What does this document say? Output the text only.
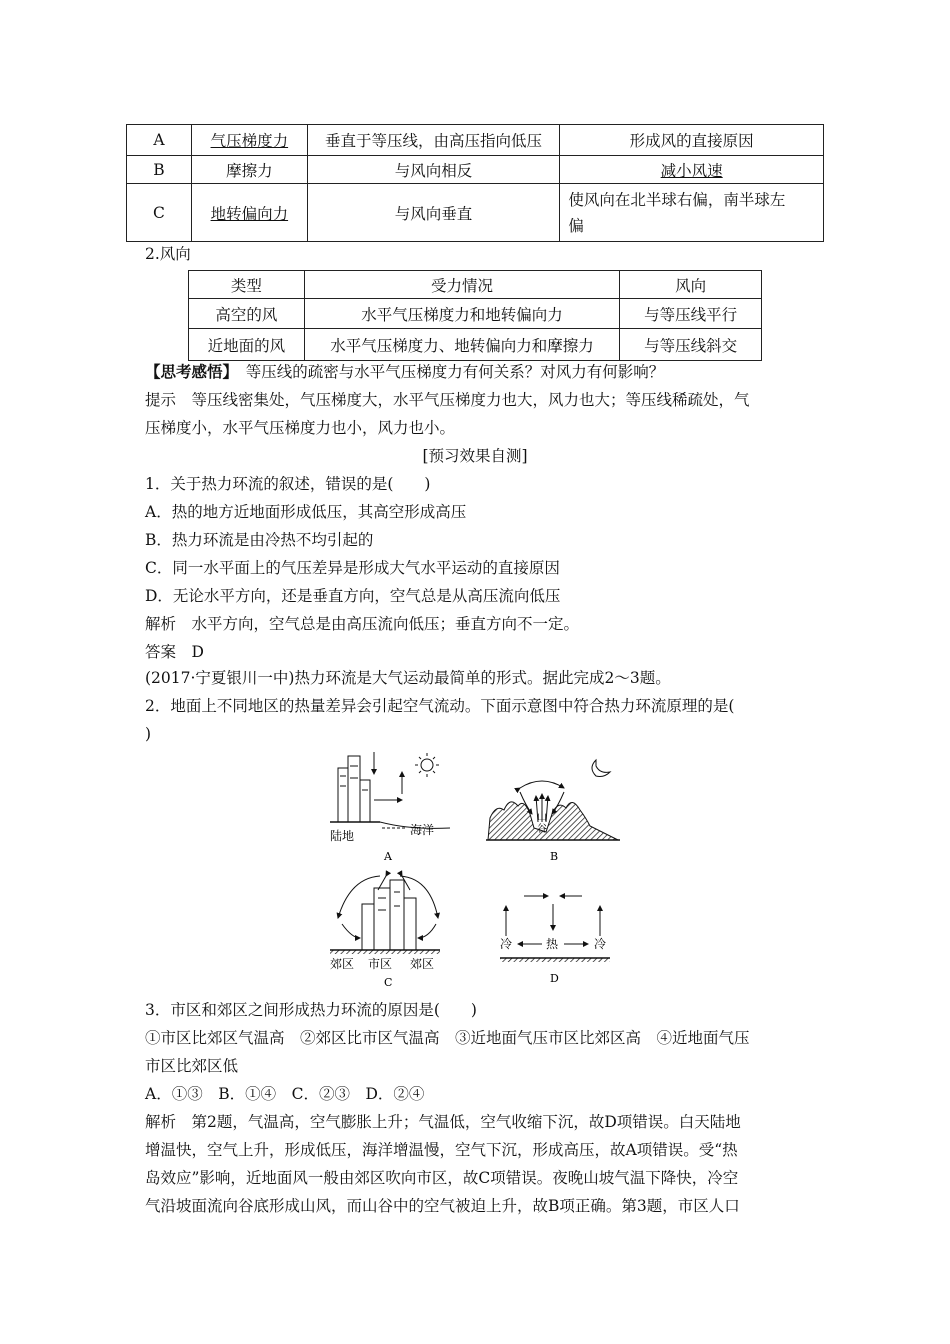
A	气压梯度力	垂直于等压线，由高压指向低压	形成风的直接原因
B	摩擦力	与风向相反	减小风速
C	地转偏向力	与风向垂直	使风向在北半球右偏，南半球左
偏
2.风向
类型	受力情况	风向
高空的风	水平气压梯度力和地转偏向力	与等压线平行
近地面的风	水平气压梯度力、地转偏向力和摩擦力	与等压线斜交
【思考感悟】　 等压线的疏密与水平气压梯度力有何关系？对风力有何影响？
提示　 等压线密集处，气压梯度大，水平气压梯度力也大，风力也大；等压线稀疏处，气
压梯度小，水平气压梯度力也小，风力也小。
[预习效果自测]
1．关于热力环流的叙述，错误的是(　　)
A．热的地方近地面形成低压，其高空形成高压
B．热力环流是由冷热不均引起的
C．同一水平面上的气压差异是形成大气水平运动的直接原因
D．无论水平方向，还是垂直方向，空气总是从高压流向低压
解析　水平方向，空气总是由高压流向低压；垂直方向不一定。
答案　D
(2017·宁夏银川一中)热力环流是大气运动最简单的形式。据此完成2～3题。
2．地面上不同地区的热量差异会引起空气流动。下面示意图中符合热力环流原理的是(
)
陆地	海洋
A
山
谷
B
郊区 市区 郊区
C
冷	热	冷
D
3．市区和郊区之间形成热力环流的原因是(　　)
①市区比郊区气温高　②郊区比市区气温高　③近地面气压市区比郊区高　④近地面气压
市区比郊区低
A．①③　B．①④　C．②③　D．②④
解析　第2题，气温高，空气膨胀上升；气温低，空气收缩下沉，故D项错误。白天陆地
增温快，空气上升，形成低压，海洋增温慢，空气下沉，形成高压，故A项错误。受“热
岛效应”影响，近地面风一般由郊区吹向市区，故C项错误。夜晚山坡气温下降快，冷空
气沿坡面流向谷底形成山风，而山谷中的空气被迫上升，故B项正确。第3题，市区人口
